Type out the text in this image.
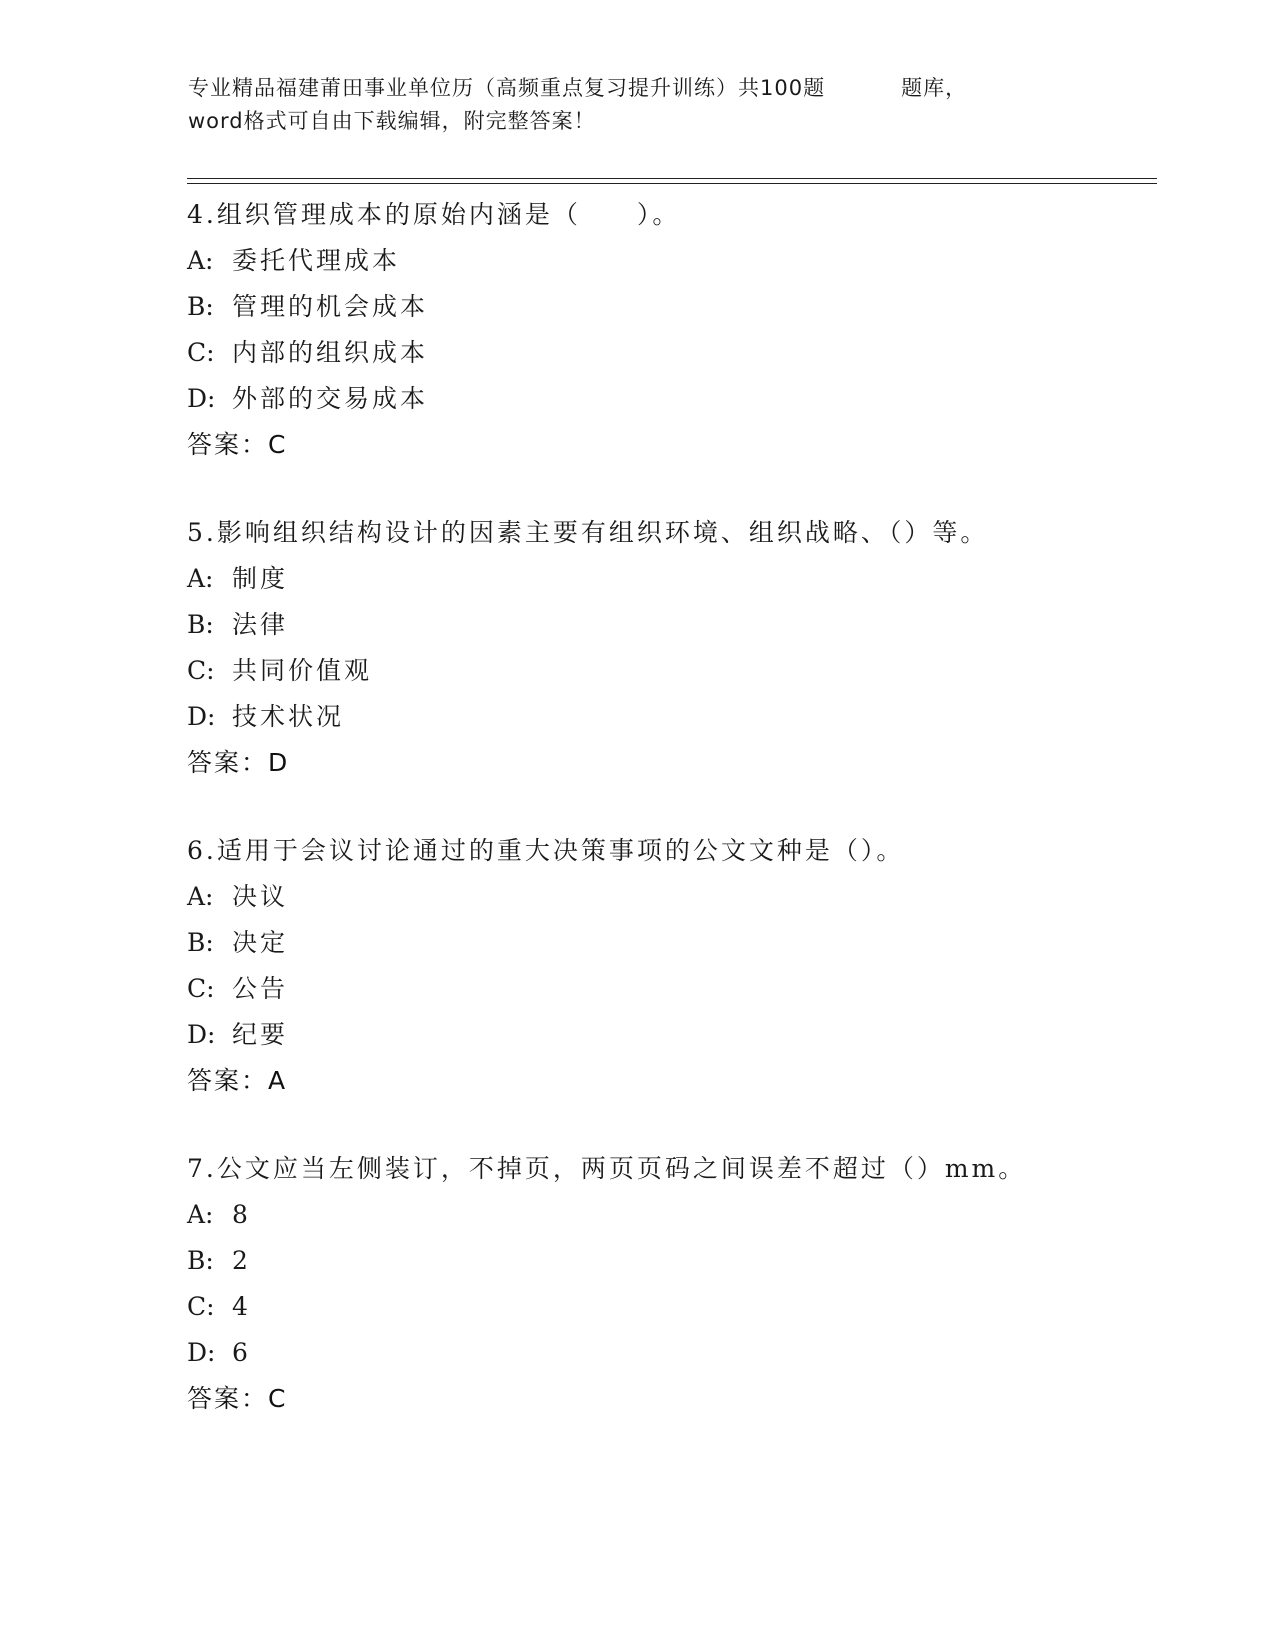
专业精品福建莆田事业单位历（高频重点复习提升训练）共100题	题库，
word格式可自由下载编辑，附完整答案！
4.组织管理成本的原始内涵是（　　）。
A: 委托代理成本
B: 管理的机会成本
C: 内部的组织成本
D: 外部的交易成本
答案：C
5.影响组织结构设计的因素主要有组织环境、组织战略、（）等。
A: 制度
B: 法律
C: 共同价值观
D: 技术状况
答案：D
6.适用于会议讨论通过的重大决策事项的公文文种是（）。
A: 决议
B: 决定
C: 公告
D: 纪要
答案：A
7.公文应当左侧装订，不掉页，两页页码之间误差不超过（）mm。
A: 8
B: 2
C: 4
D: 6
答案：C
